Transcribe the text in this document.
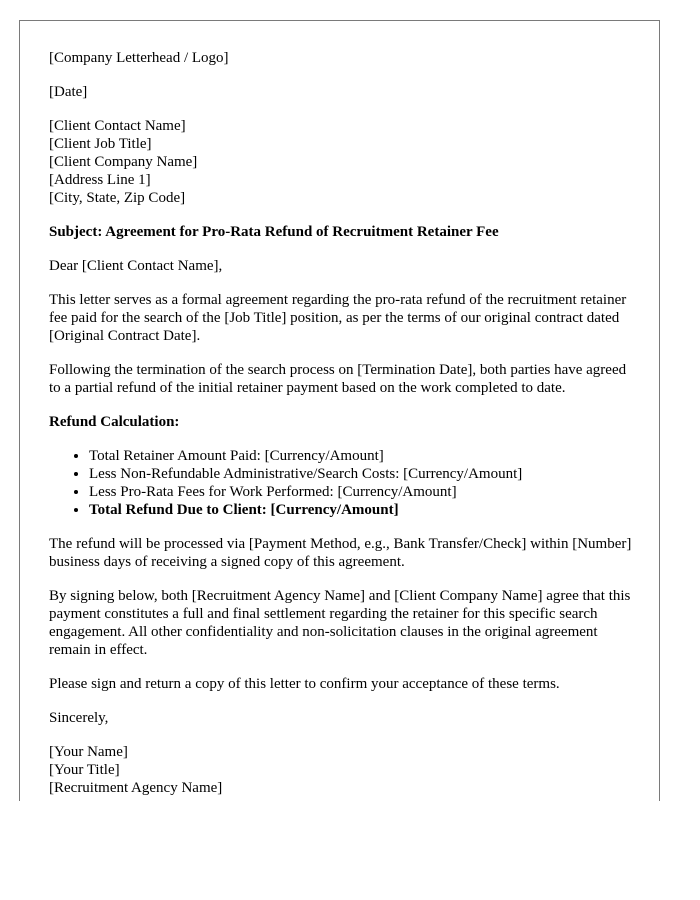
[Company Letterhead / Logo]

[Date]

[Client Contact Name]
[Client Job Title]
[Client Company Name]
[Address Line 1]
[City, State, Zip Code]

Subject: Agreement for Pro-Rata Refund of Recruitment Retainer Fee

Dear [Client Contact Name],

This letter serves as a formal agreement regarding the pro-rata refund of the recruitment retainer fee paid for the search of the [Job Title] position, as per the terms of our original contract dated [Original Contract Date].

Following the termination of the search process on [Termination Date], both parties have agreed to a partial refund of the initial retainer payment based on the work completed to date.

Refund Calculation:

• Total Retainer Amount Paid: [Currency/Amount]
• Less Non-Refundable Administrative/Search Costs: [Currency/Amount]
• Less Pro-Rata Fees for Work Performed: [Currency/Amount]
• Total Refund Due to Client: [Currency/Amount]

The refund will be processed via [Payment Method, e.g., Bank Transfer/Check] within [Number] business days of receiving a signed copy of this agreement.

By signing below, both [Recruitment Agency Name] and [Client Company Name] agree that this payment constitutes a full and final settlement regarding the retainer for this specific search engagement. All other confidentiality and non-solicitation clauses in the original agreement remain in effect.

Please sign and return a copy of this letter to confirm your acceptance of these terms.

Sincerely,

[Your Name]
[Your Title]
[Recruitment Agency Name]
